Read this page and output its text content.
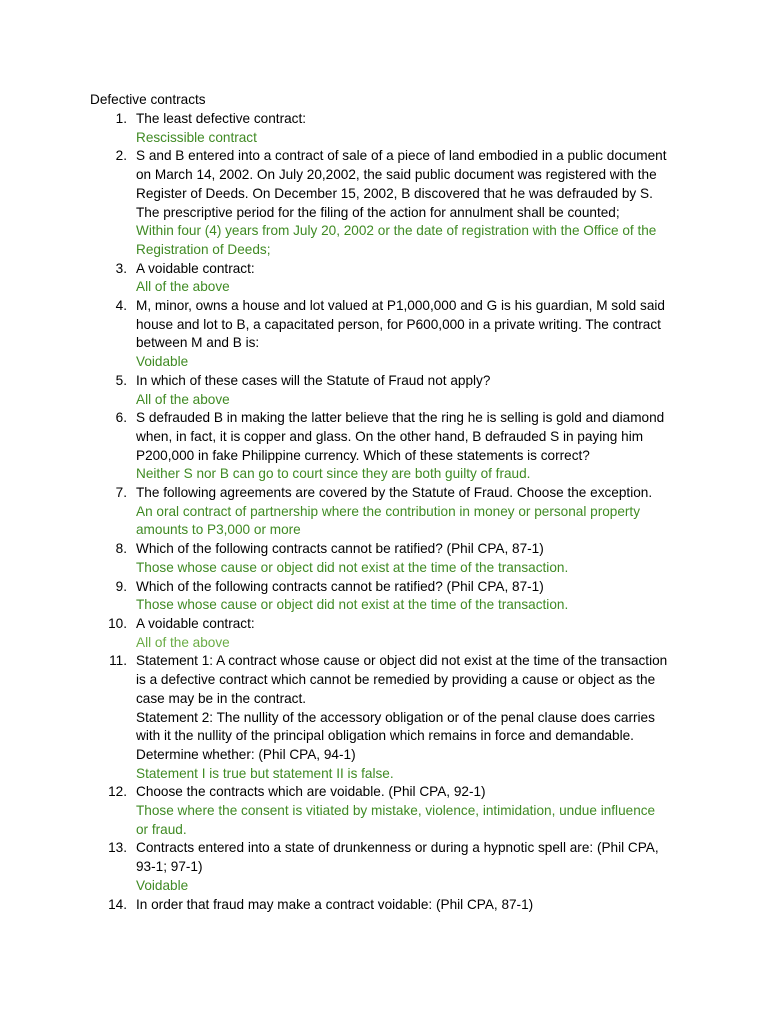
Defective contracts
1. The least defective contract:
Rescissible contract
2. S and B entered into a contract of sale of a piece of land embodied in a public document
on March 14, 2002. On July 20,2002, the said public document was registered with the
Register of Deeds. On December 15, 2002, B discovered that he was defrauded by S.
The prescriptive period for the filing of the action for annulment shall be counted;
Within four (4) years from July 20, 2002 or the date of registration with the Office of the
Registration of Deeds;
3. A voidable contract:
All of the above
4. M, minor, owns a house and lot valued at P1,000,000 and G is his guardian, M sold said
house and lot to B, a capacitated person, for P600,000 in a private writing. The contract
between M and B is:
Voidable
5. In which of these cases will the Statute of Fraud not apply?
All of the above
6. S defrauded B in making the latter believe that the ring he is selling is gold and diamond
when, in fact, it is copper and glass. On the other hand, B defrauded S in paying him
P200,000 in fake Philippine currency. Which of these statements is correct?
Neither S nor B can go to court since they are both guilty of fraud.
7. The following agreements are covered by the Statute of Fraud. Choose the exception.
An oral contract of partnership where the contribution in money or personal property
amounts to P3,000 or more
8. Which of the following contracts cannot be ratified? (Phil CPA, 87-1)
Those whose cause or object did not exist at the time of the transaction.
9. Which of the following contracts cannot be ratified? (Phil CPA, 87-1)
Those whose cause or object did not exist at the time of the transaction.
10. A voidable contract:
All of the above
11. Statement 1: A contract whose cause or object did not exist at the time of the transaction
is a defective contract which cannot be remedied by providing a cause or object as the
case may be in the contract.
Statement 2: The nullity of the accessory obligation or of the penal clause does carries
with it the nullity of the principal obligation which remains in force and demandable.
Determine whether: (Phil CPA, 94-1)
Statement I is true but statement II is false.
12. Choose the contracts which are voidable. (Phil CPA, 92-1)
Those where the consent is vitiated by mistake, violence, intimidation, undue influence
or fraud.
13. Contracts entered into a state of drunkenness or during a hypnotic spell are: (Phil CPA,
93-1; 97-1)
Voidable
14. In order that fraud may make a contract voidable: (Phil CPA, 87-1)
